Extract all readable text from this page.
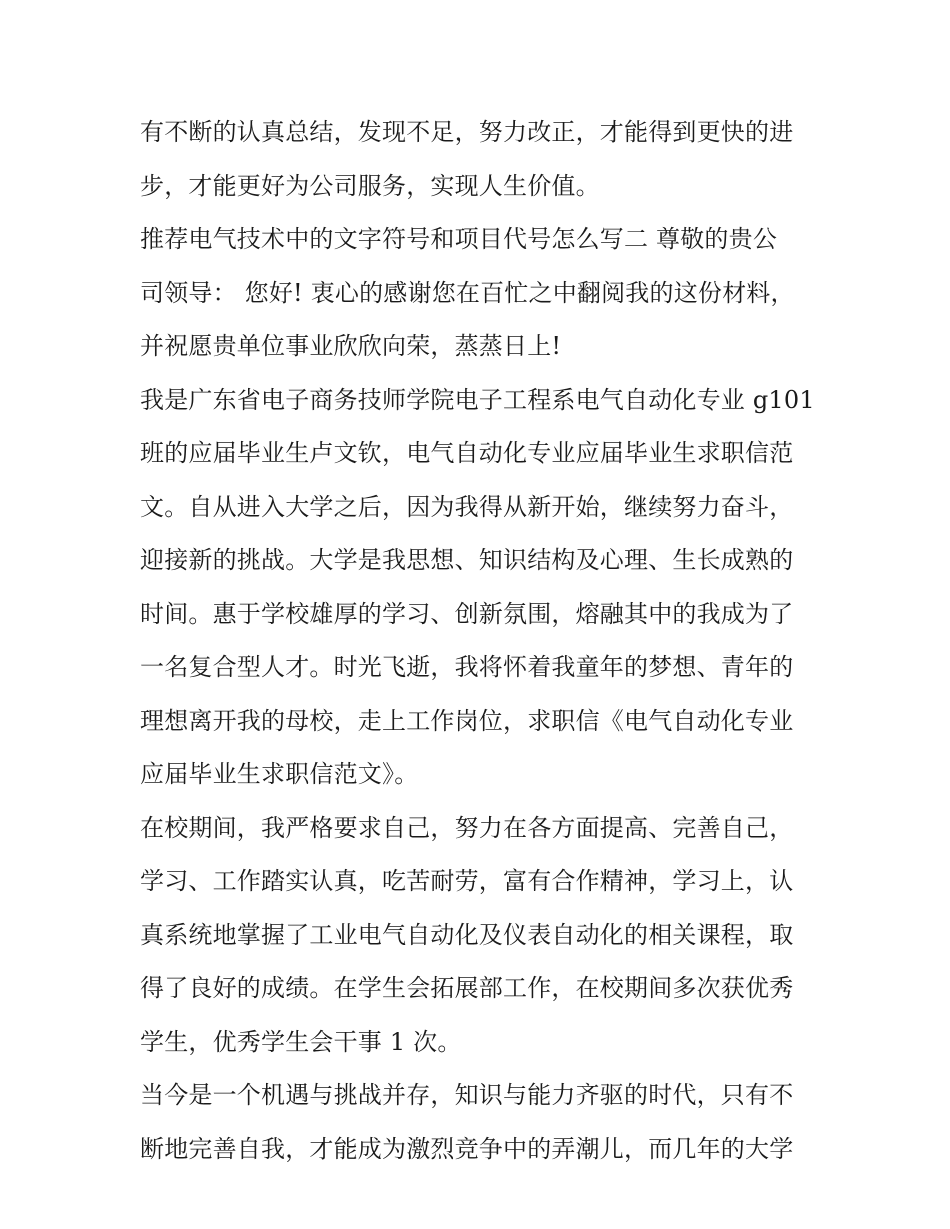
有不断的认真总结，发现不足，努力改正，才能得到更快的进
步，才能更好为公司服务，实现人生价值。
推荐电气技术中的文字符号和项目代号怎么写二 尊敬的贵公
司领导： 您好! 衷心的感谢您在百忙之中翻阅我的这份材料，
并祝愿贵单位事业欣欣向荣，蒸蒸日上!
我是广东省电子商务技师学院电子工程系电气自动化专业 g101
班的应届毕业生卢文钦，电气自动化专业应届毕业生求职信范
文。自从进入大学之后，因为我得从新开始，继续努力奋斗，
迎接新的挑战。大学是我思想、知识结构及心理、生长成熟的
时间。惠于学校雄厚的学习、创新氛围，熔融其中的我成为了
一名复合型人才。时光飞逝，我将怀着我童年的梦想、青年的
理想离开我的母校，走上工作岗位，求职信《电气自动化专业
应届毕业生求职信范文》。
在校期间，我严格要求自己，努力在各方面提高、完善自己，
学习、工作踏实认真，吃苦耐劳，富有合作精神，学习上，认
真系统地掌握了工业电气自动化及仪表自动化的相关课程，取
得了良好的成绩。在学生会拓展部工作，在校期间多次获优秀
学生，优秀学生会干事 1 次。
当今是一个机遇与挑战并存，知识与能力齐驱的时代，只有不
断地完善自我，才能成为激烈竞争中的弄潮儿，而几年的大学
